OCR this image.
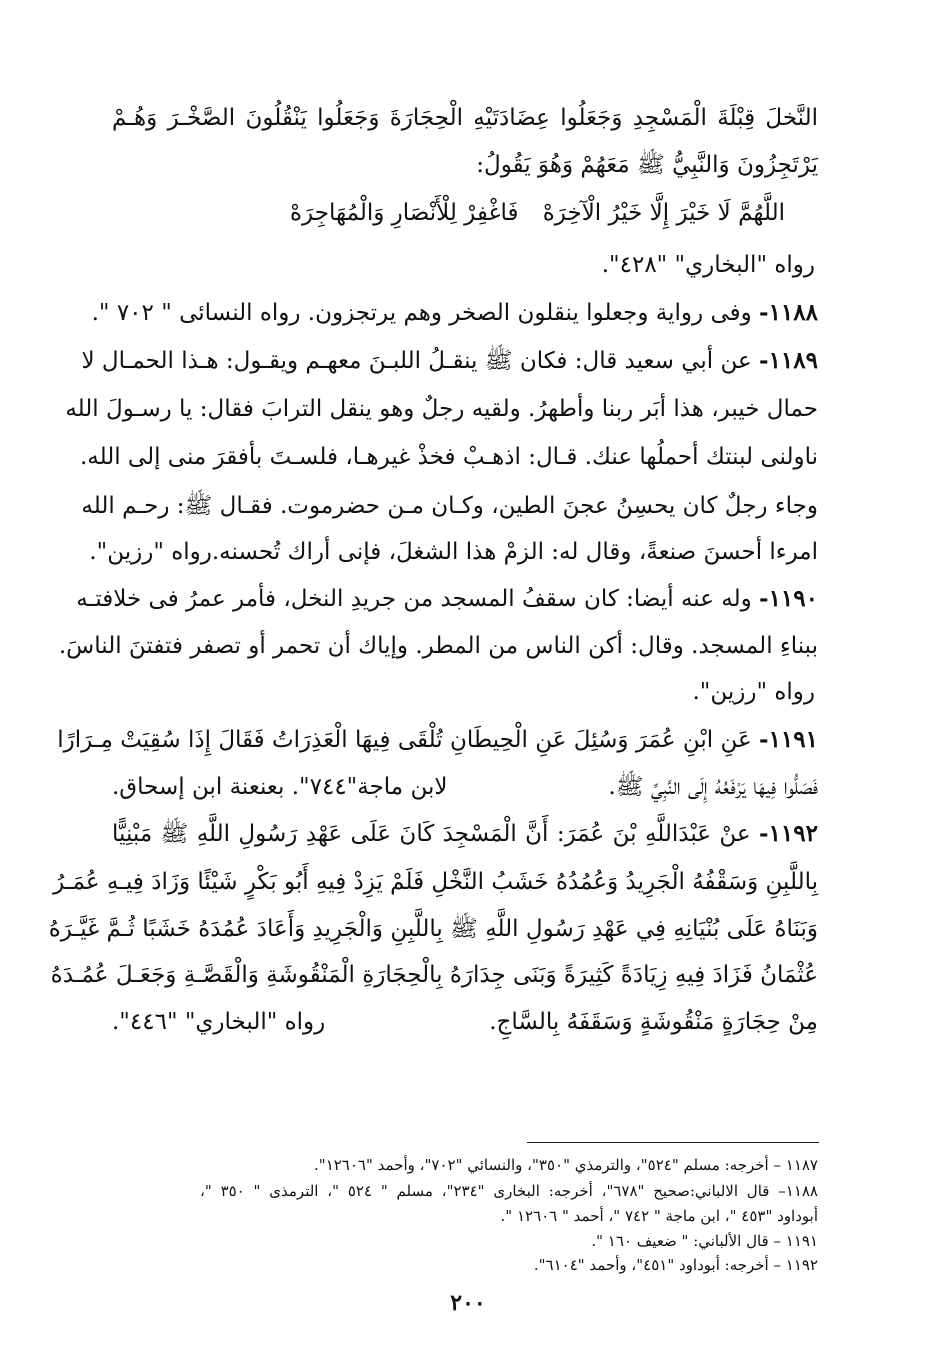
النَّخلَ قِبْلَةَ الْمَسْجِدِ وَجَعَلُوا عِضَادَتَيْهِ الْحِجَارَةَ وَجَعَلُوا يَنْقُلُونَ الصَّخْـرَ وَهُـمْ
يَرْتَجِزُونَ وَالنَّبِيُّ ﷺ مَعَهُمْ وَهُوَ يَقُولُ:
اللَّهُمَّ لَا خَيْرَ إِلَّا خَيْرُ الْآخِرَهْ
فَاغْفِرْ لِلْأَنْصَارِ وَالْمُهَاجِرَهْ
رواه "البخاري" "٤٢٨".
١١٨٨- وفى رواية وجعلوا ينقلون الصخر وهم يرتجزون. رواه النسائى " ٧٠٢ ".
١١٨٩- عن أبي سعيد قال: فكان ﷺ ينقـلُ اللبـنَ معهـم ويقـول: هـذا الحمـال لا
حمال خيبر، هذا أبَر ربنا وأطهرُ. ولقيه رجلٌ وهو ينقل الترابَ فقال: يا رسـولَ الله
ناولنى لبنتك أحملُها عنك. قـال: اذهـبْ فخذْ غيرهـا، فلسـتَ بأفقرَ منى إلى الله.
وجاء رجلٌ كان يحسِنُ عجنَ الطين، وكـان مـن حضرموت. فقـال ﷺ: رحـم الله
امرءا أحسنَ صنعةً، وقال له: الزمْ هذا الشغلَ، فإنى أراك تُحسنه.
رواه "رزين".
١١٩٠- وله عنه أيضا: كان سقفُ المسجد من جريدِ النخل، فأمر عمرُ فى خلافتـه
ببناءِ المسجد. وقال: أكن الناس من المطر. وإياك أن تحمر أو تصفر فتفتنَ الناسَ.
رواه "رزين".
١١٩١- عَنِ ابْنِ عُمَرَ وَسُئِلَ عَنِ الْحِيطَانِ تُلْقَى فِيهَا الْعَذِرَاتُ فَقَالَ إِذَا سُقِيَتْ مِـرَارًا
فَصَلُّوا فِيهَا يَرْفَعُهُ إِلَى النَّبِيِّ ﷺ.
لابن ماجة"٧٤٤". بعنعنة ابن إسحاق.
١١٩٢- عنْ عَبْدَاللَّهِ بْنَ عُمَرَ: أَنَّ الْمَسْجِدَ كَانَ عَلَى عَهْدِ رَسُولِ اللَّهِ ﷺ مَبْنِيًّا
بِاللَّبِنِ وَسَقْفُهُ الْجَرِيدُ وَعُمُدُهُ خَشَبُ النَّخْلِ فَلَمْ يَزِدْ فِيهِ أَبُو بَكْرٍ شَيْئًا وَزَادَ فِيـهِ عُمَـرُ
وَبَنَاهُ عَلَى بُنْيَانِهِ فِي عَهْدِ رَسُولِ اللَّهِ ﷺ بِاللَّبِنِ وَالْجَرِيدِ وَأَعَادَ عُمُدَهُ خَشَبًا ثُـمَّ غَيَّـرَهُ
عُثْمَانُ فَزَادَ فِيهِ زِيَادَةً كَثِيرَةً وَبَنَى جِدَارَهُ بِالْحِجَارَةِ الْمَنْقُوشَةِ وَالْقَصَّـةِ وَجَعَـلَ عُمُـدَهُ
مِنْ حِجَارَةٍ مَنْقُوشَةٍ وَسَقَفَهُ بِالسَّاجِ.
رواه "البخاري" "٤٤٦".
١١٨٧ – أخرجه: مسلم "٥٢٤"، والترمذي "٣٥٠"، والنسائي "٧٠٢"، وأحمد "١٢٦٠٦".
١١٨٨– قال الالباني:صحيح "٦٧٨"، أخرجه: البخارى "٢٣٤"، مسلم " ٥٢٤ "، الترمذى " ٣٥٠ "،
أبوداود "٤٥٣ "، ابن ماجة " ٧٤٢ "، أحمد " ١٢٦٠٦ ".
١١٩١ – قال الألباني: " ضعيف ١٦٠ ".
١١٩٢ – أخرجه: أبوداود "٤٥١"، وأحمد "٦١٠٤".
٢٠٠
